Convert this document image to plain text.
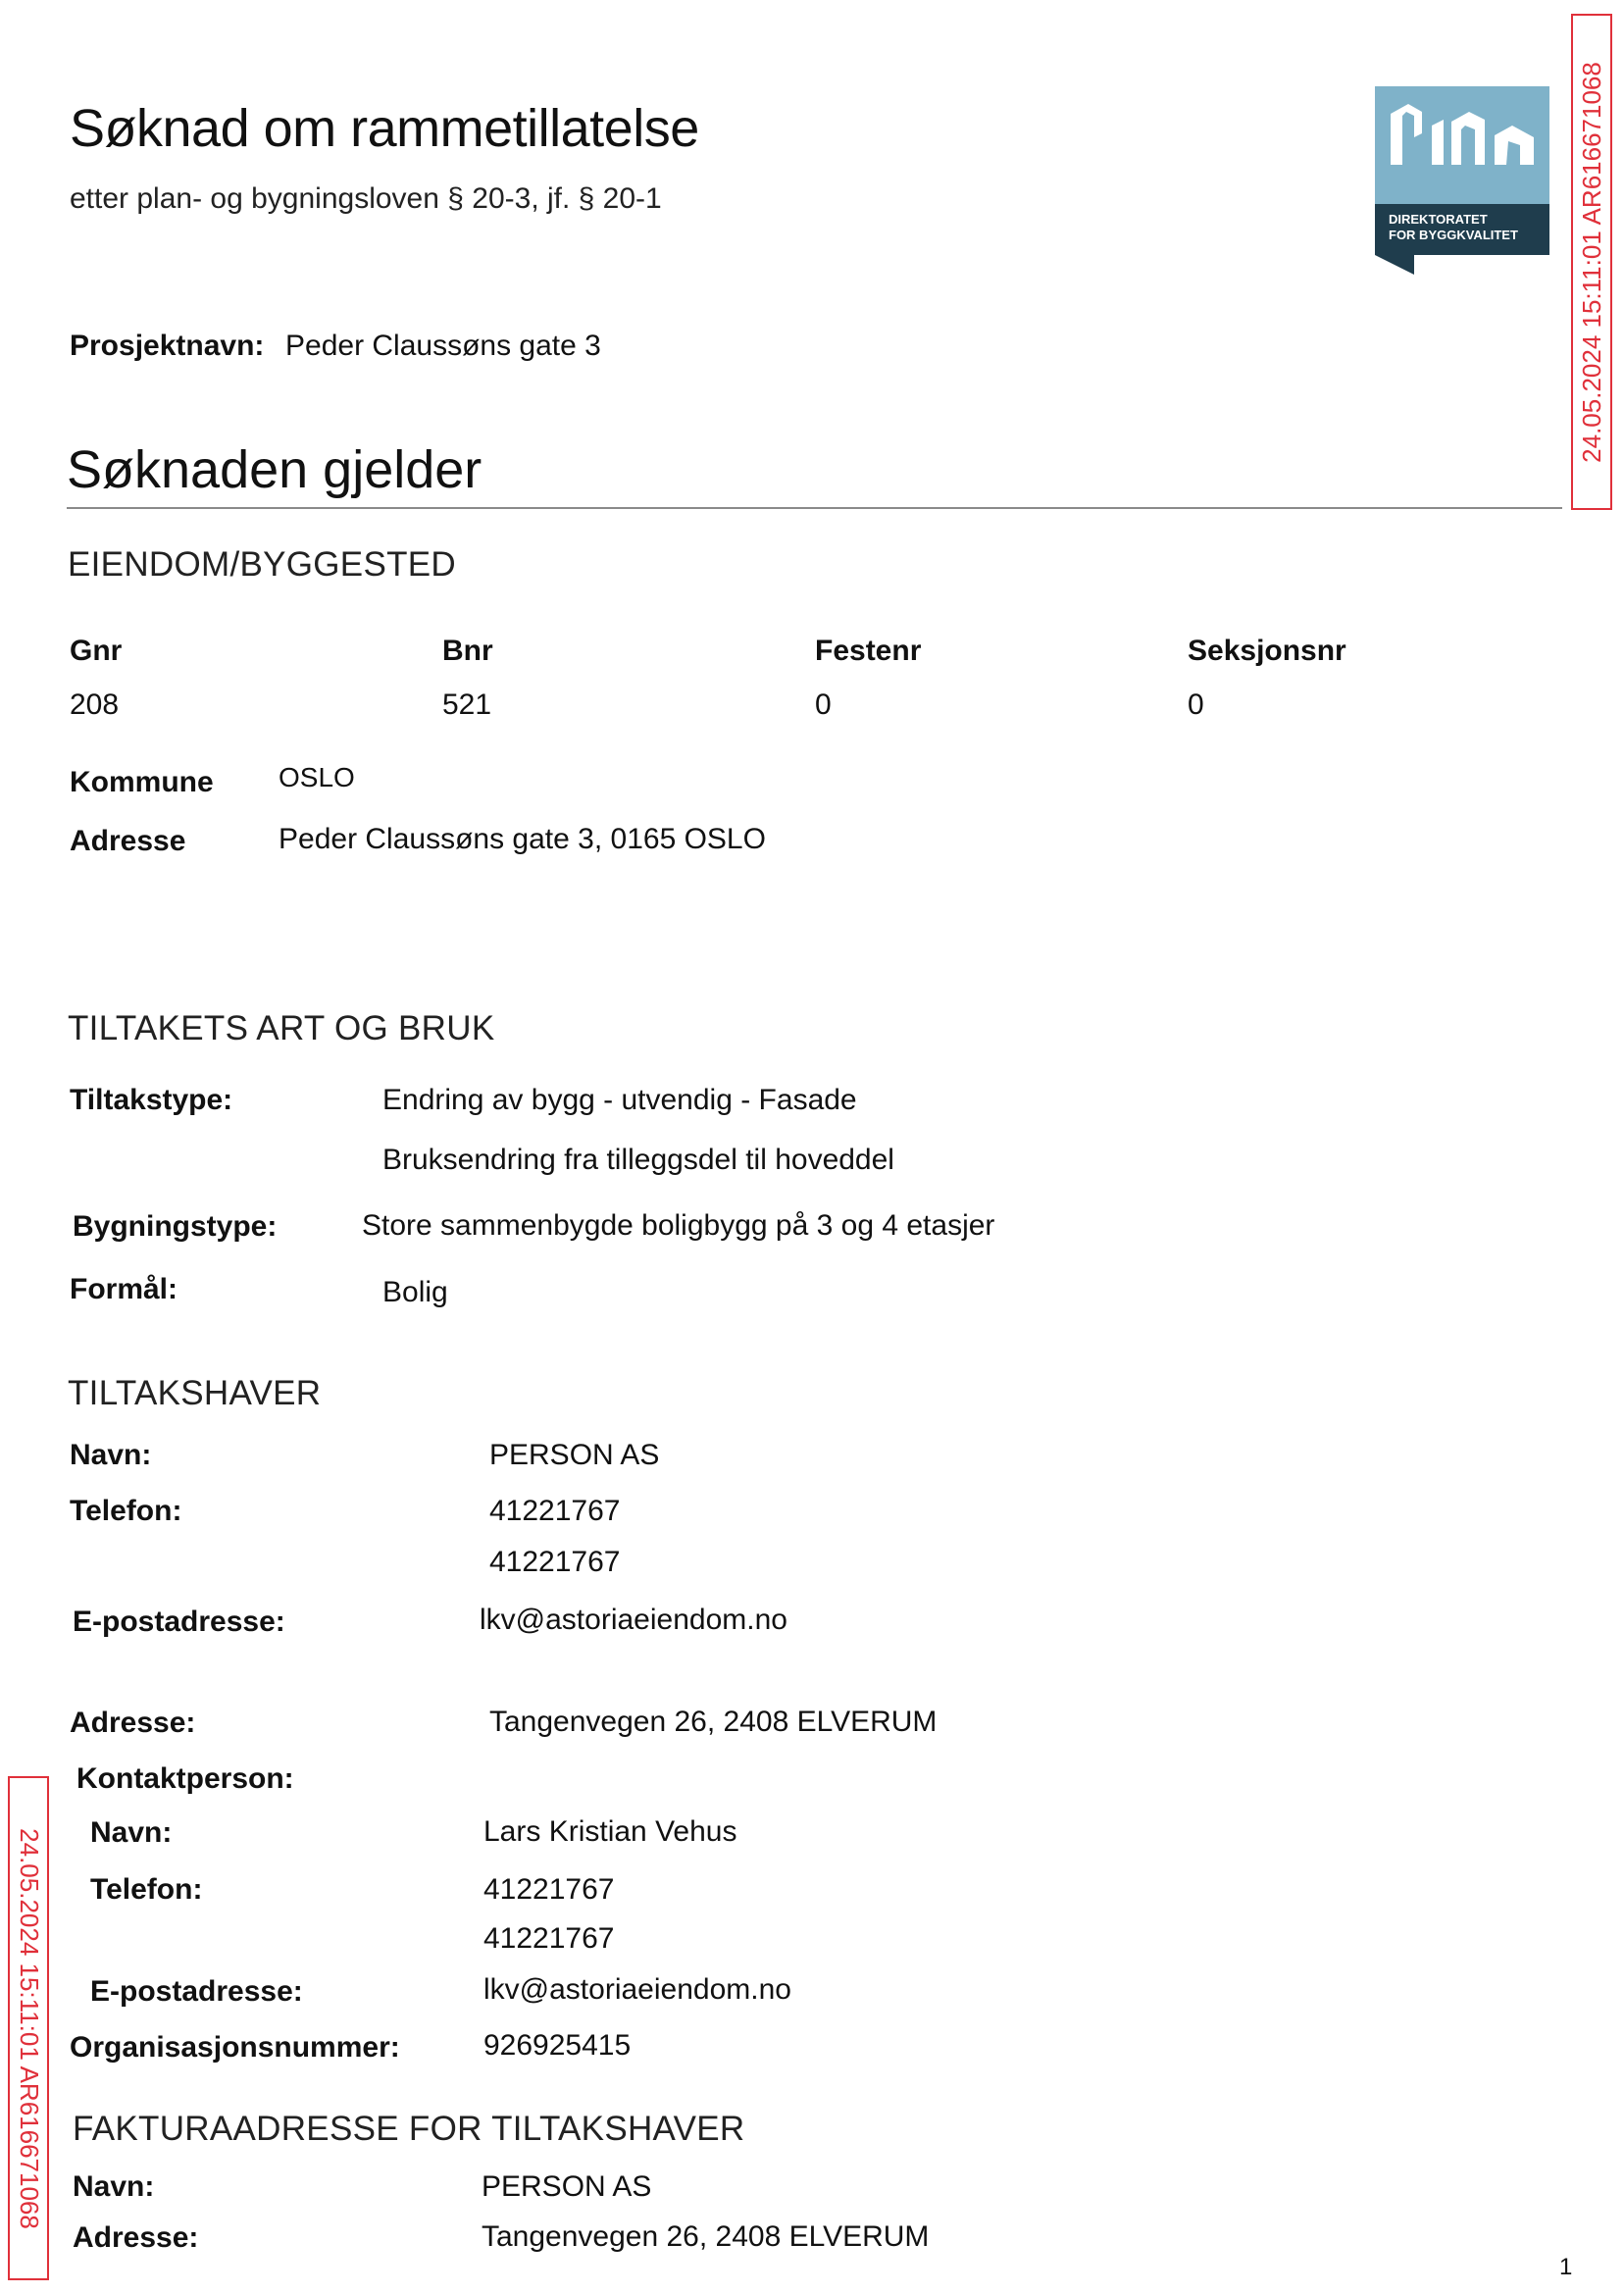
Søknad om rammetillatelse
etter plan- og bygningsloven § 20-3, jf. § 20-1
DIREKTORATET
FOR BYGGKVALITET 24.05.2024 15:11:01 AR616671068
Prosjektnavn: Peder Claussøns gate 3
Søknaden gjelder
EIENDOM/BYGGESTED
Gnr	Bnr	Festenr	Seksjonsnr
208	521	0	0
Kommune OSLO
Adresse	Peder Claussøns gate 3, 0165 OSLO
TILTAKETS ART OG BRUK
Tiltakstype:	Endring av bygg - utvendig - Fasade
Bruksendring fra tilleggsdel til hoveddel
Bygningstype:	Store sammenbygde boligbygg på 3 og 4 etasjer
Formål:	Bolig
TILTAKSHAVER
Navn:	PERSON AS
Telefon:	41221767
41221767
E-postadresse:	lkv@astoriaeiendom.no
Adresse:	Tangenvegen 26, 2408 ELVERUM
Kontaktperson:
Navn:	Lars Kristian Vehus
Telefon:	41221767
41221767
E-postadresse:	lkv@astoriaeiendom.no
Organisasjonsnummer:	926925415
FAKTURAADRESSE FOR TILTAKSHAVER
Navn:	PERSON AS
Adresse:	Tangenvegen 26, 2408 ELVERUM
24.05.2024 15:11:01 AR616671068
1
